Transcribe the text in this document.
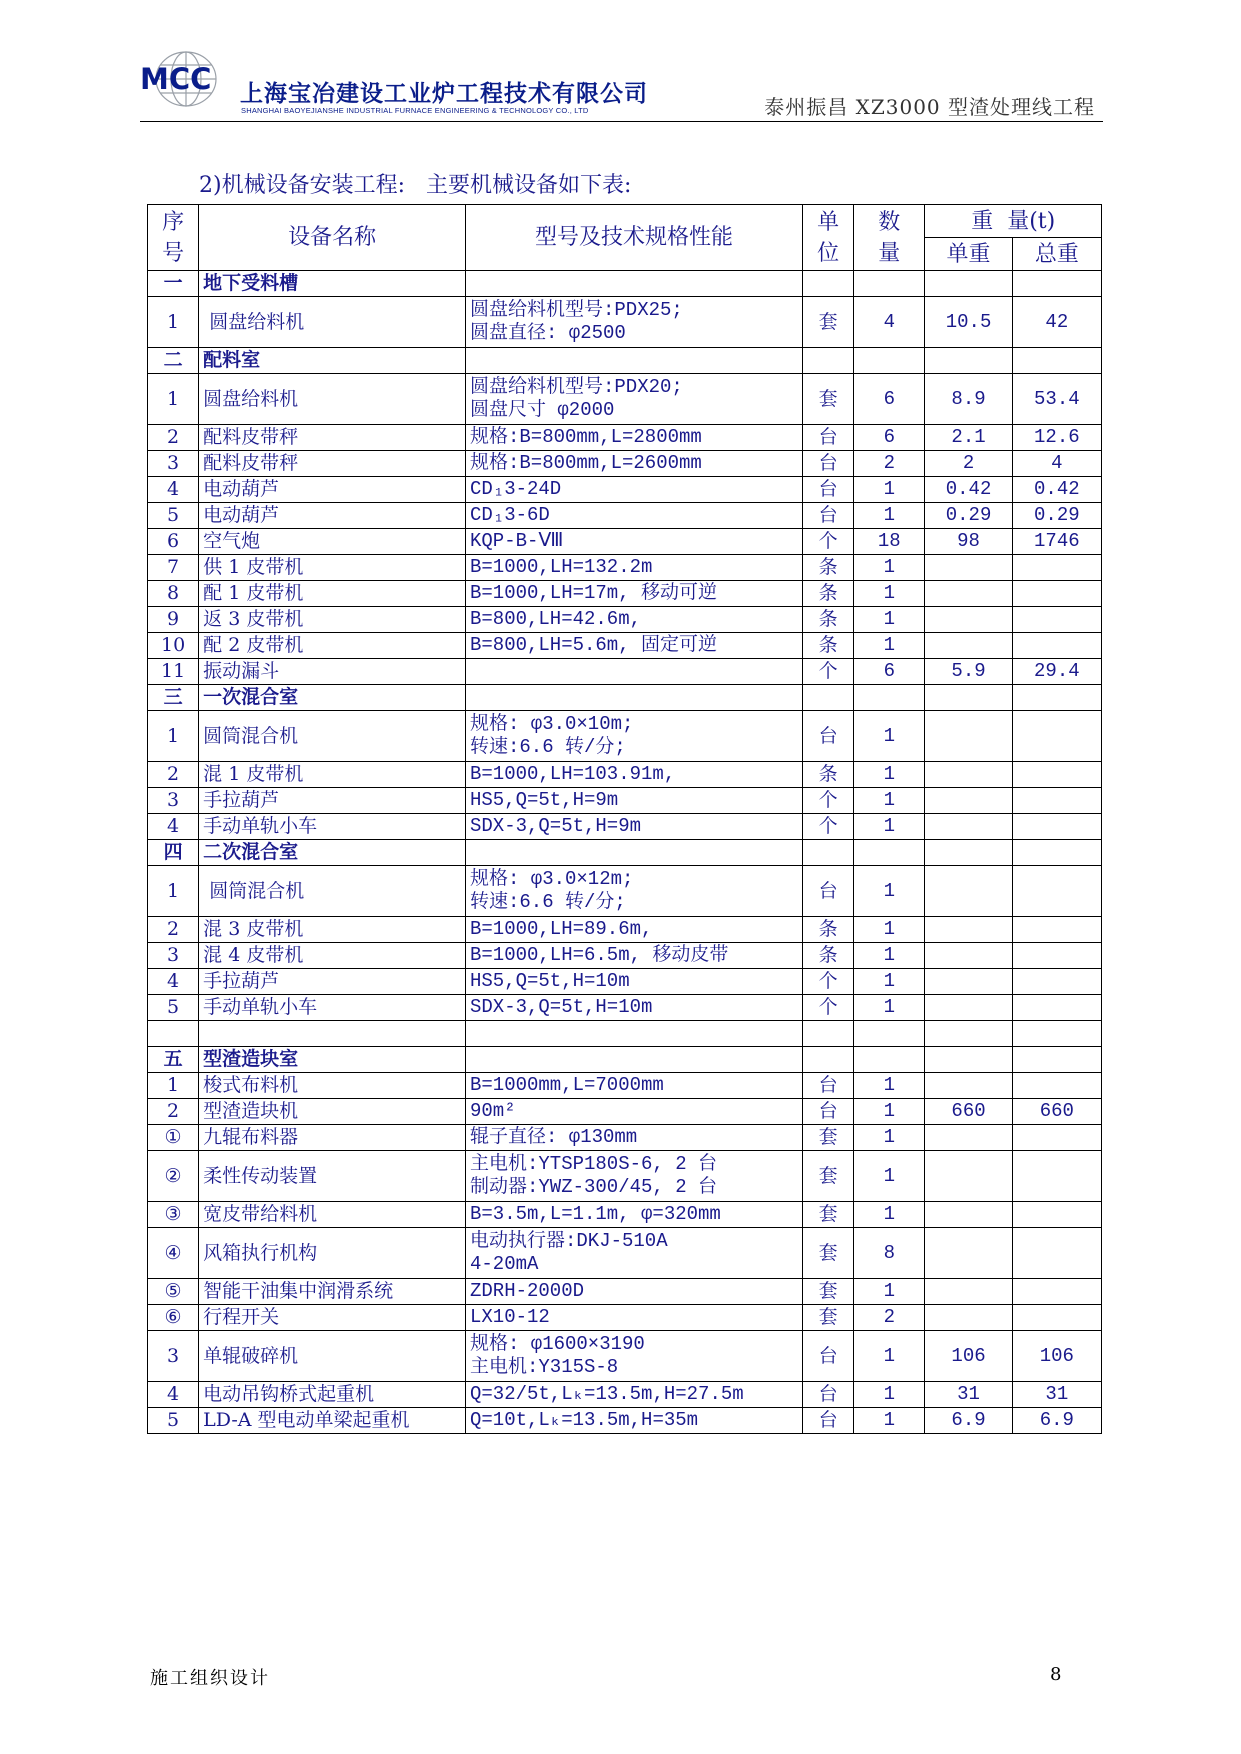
MCC 上海宝冶建设工业炉工程技术有限公司
SHANGHAI BAOYEJIANSHE INDUSTRIAL FURNACE ENGINEERING & TECHNOLOGY CO., LTD	泰州振昌 XZ3000 型渣处理线工程
2)机械设备安装工程:   主要机械设备如下表:
序
号	设备名称	型号及技术规格性能	单
位	数
量	重  量(t)	
					单重	总重
一	地下受料槽					
1	圆盘给料机	圆盘给料机型号:PDX25;
圆盘直径: φ2500	套	4	10.5	42
二	配料室					
1	圆盘给料机	圆盘给料机型号:PDX20;
圆盘尺寸 φ2000	套	6	8.9	53.4
2	配料皮带秤	规格:B=800mm,L=2800mm	台	6	2.1	12.6
3	配料皮带秤	规格:B=800mm,L=2600mm	台	2	2	4
4	电动葫芦	CD₁3-24D	台	1	0.42	0.42
5	电动葫芦	CD₁3-6D	台	1	0.29	0.29
6	空气炮	KQP-B-Ⅷ	个	18	98	1746
7	供 1 皮带机	B=1000,LH=132.2m	条	1		
8	配 1 皮带机	B=1000,LH=17m, 移动可逆	条	1		
9	返 3 皮带机	B=800,LH=42.6m,	条	1		
10	配 2 皮带机	B=800,LH=5.6m, 固定可逆	条	1		
11	振动漏斗		个	6	5.9	29.4
三	一次混合室					
1	圆筒混合机	规格: φ3.0×10m;
转速:6.6 转/分;	台	1		
2	混 1 皮带机	B=1000,LH=103.91m,	条	1		
3	手拉葫芦	HS5,Q=5t,H=9m	个	1		
4	手动单轨小车	SDX-3,Q=5t,H=9m	个	1		
四	二次混合室					
1	圆筒混合机	规格: φ3.0×12m;
转速:6.6 转/分;	台	1		
2	混 3 皮带机	B=1000,LH=89.6m,	条	1		
3	混 4 皮带机	B=1000,LH=6.5m, 移动皮带	条	1		
4	手拉葫芦	HS5,Q=5t,H=10m	个	1		
5	手动单轨小车	SDX-3,Q=5t,H=10m	个	1		

五	型渣造块室					
1	梭式布料机	B=1000mm,L=7000mm	台	1		
2	型渣造块机	90m²	台	1	660	660
①	九辊布料器	辊子直径: φ130mm	套	1		
②	柔性传动装置	主电机:YTSP180S-6, 2 台
制动器:YWZ-300/45, 2 台	套	1		
③	宽皮带给料机	B=3.5m,L=1.1m, φ=320mm	套	1		
④	风箱执行机构	电动执行器:DKJ-510A
4-20mA	套	8		
⑤	智能干油集中润滑系统	ZDRH-2000D	套	1		
⑥	行程开关	LX10-12	套	2		
3	单辊破碎机	规格: φ1600×3190
主电机:Y315S-8	台	1	106	106
4	电动吊钩桥式起重机	Q=32/5t,Lₖ=13.5m,H=27.5m	台	1	31	31
5	LD-A 型电动单梁起重机	Q=10t,Lₖ=13.5m,H=35m	台	1	6.9	6.9
施工组织设计	8
